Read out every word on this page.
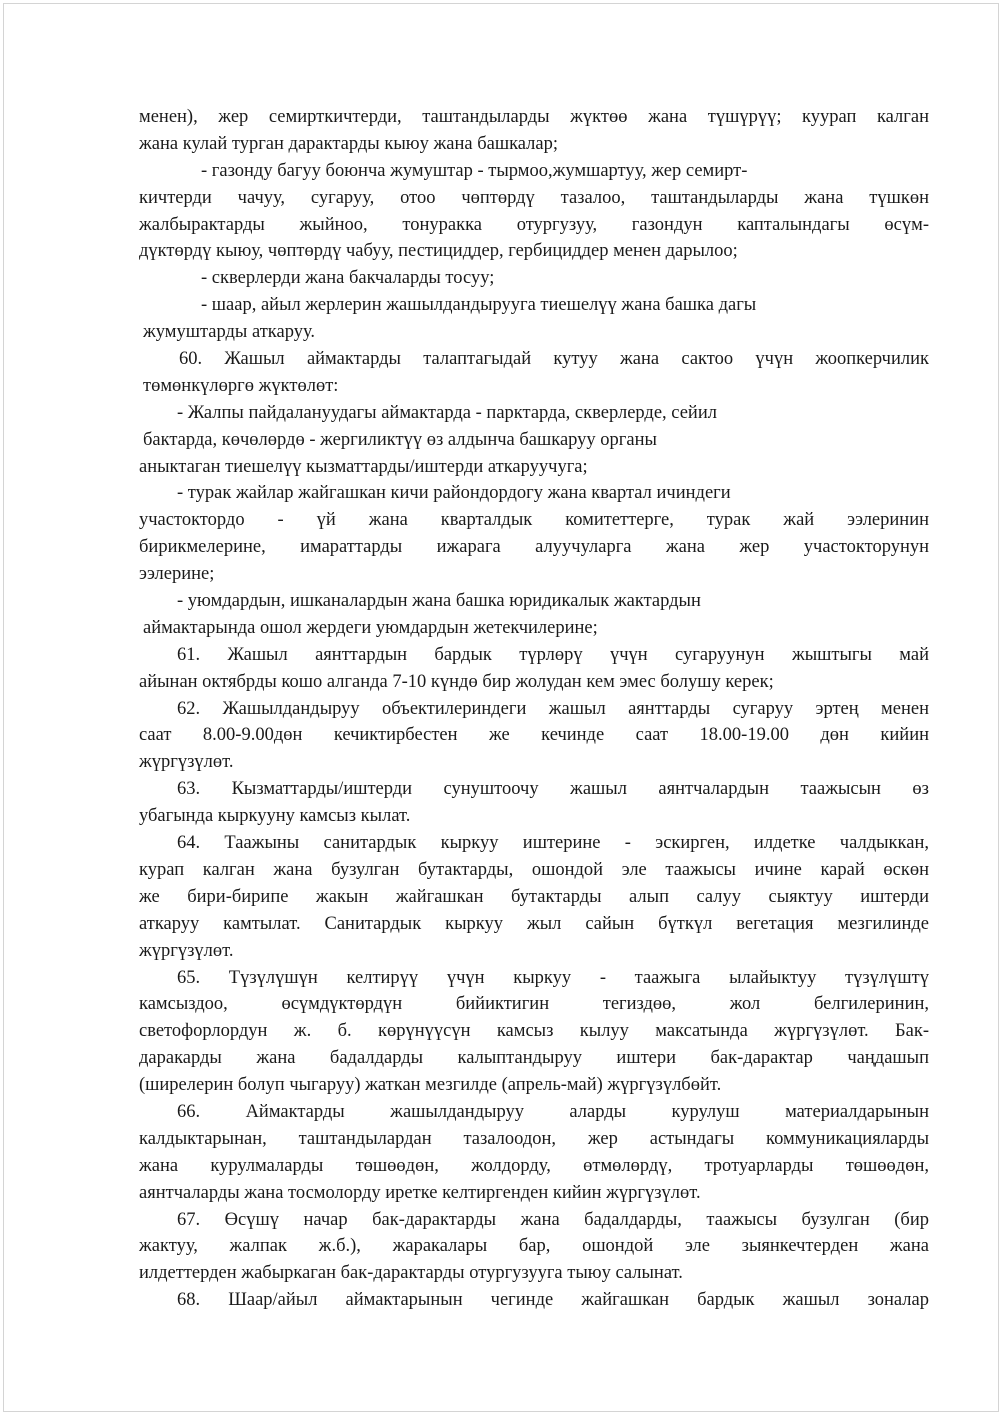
менен), жер семирткичтерди, таштандыларды жүктөө жана түшүрүү; куурап калган
жана кулай турган дарактарды кыюу жана башкалар;
- газонду багуу боюнча жумуштар - тырмоо,жумшартуу, жер семирт-
кичтерди чачуу, сугаруу, отоо чөптөрдү тазалоо, таштандыларды жана түшкөн
жалбырактарды жыйноо, тонуракка отургузуу, газондун капталындагы өсүм-
дүктөрдү кыюу, чөптөрдү чабуу, пестициддер, гербициддер менен дарылоо;
- скверлерди жана бакчаларды тосуу;
- шаар, айыл жерлерин жашылдандырууга тиешелүү жана башка дагы
жумуштарды аткаруу.
60. Жашыл аймактарды талаптагыдай кутуу жана сактоо үчүн жоопкерчилик
төмөнкүлөргө жүктөлөт:
- Жалпы пайдалануудагы аймактарда - парктарда, скверлерде, сейил
бактарда, көчөлөрдө - жергиликтүү өз алдынча башкаруу органы
аныктаган тиешелүү кызматтарды/иштерди аткаруучуга;
- турак жайлар жайгашкан кичи райондордогу жана квартал ичиндеги
участоктордо - үй жана кварталдык комитеттерге, турак жай ээлеринин
бирикмелерине, имараттарды ижарага алуучуларга жана жер участокторунун
ээлерине;
- уюмдардын, ишканалардын жана башка юридикалык жактардын
аймактарында ошол жердеги уюмдардын жетекчилерине;
61. Жашыл аянттардын бардык түрлөрү үчүн сугаруунун жыштыгы май
айынан октябрды кошо алганда 7-10 күндө бир жолудан кем эмес болушу керек;
62. Жашылдандыруу объектилериндеги жашыл аянттарды сугаруу эртең менен
саат 8.00-9.00дөн кечиктирбестен же кечинде саат 18.00-19.00 дөн кийин
жүргүзүлөт.
63. Кызматтарды/иштерди сунуштоочу жашыл аянтчалардын таажысын өз
убагында кыркууну камсыз кылат.
64. Таажыны санитардык кыркуу иштерине - эскирген, илдетке чалдыккан,
курап калган жана бузулган бутактарды, ошондой эле таажысы ичине карай өскөн
же бири-бирипе жакын жайгашкан бутактарды алып салуу сыяктуу иштерди
аткаруу камтылат. Санитардык кыркуу жыл сайын бүткүл вегетация мезгилинде
жүргүзүлөт.
65. Түзүлүшүн келтирүү үчүн кыркуу - таажыга ылайыктуу түзүлүштү
камсыздоо, өсүмдүктөрдүн бийиктигин тегиздөө, жол белгилеринин,
светофорлордун ж. б. көрүнүүсүн камсыз кылуу максатында жүргүзүлөт. Бак-
даракарды жана бадалдарды калыптандыруу иштери бак-дарактар чаңдашып
(ширелерин болуп чыгаруу) жаткан мезгилде (апрель-май) жүргүзүлбөйт.
66. Аймактарды жашылдандыруу аларды курулуш материалдарынын
калдыктарынан, таштандылардан тазалоодон, жер астындагы коммуникацияларды
жана курулмаларды төшөөдөн, жолдорду, өтмөлөрдү, тротуарларды төшөөдөн,
аянтчаларды жана тосмолорду иретке келтиргенден кийин жүргүзүлөт.
67. Өсүшү начар бак-дарактарды жана бадалдарды, таажысы бузулган (бир
жактуу, жалпак ж.б.), жаракалары бар, ошондой эле зыянкечтерден жана
илдеттерден жабыркаган бак-дарактарды отургузууга тыюу салынат.
68. Шаар/айыл аймактарынын чегинде жайгашкан бардык жашыл зоналар
